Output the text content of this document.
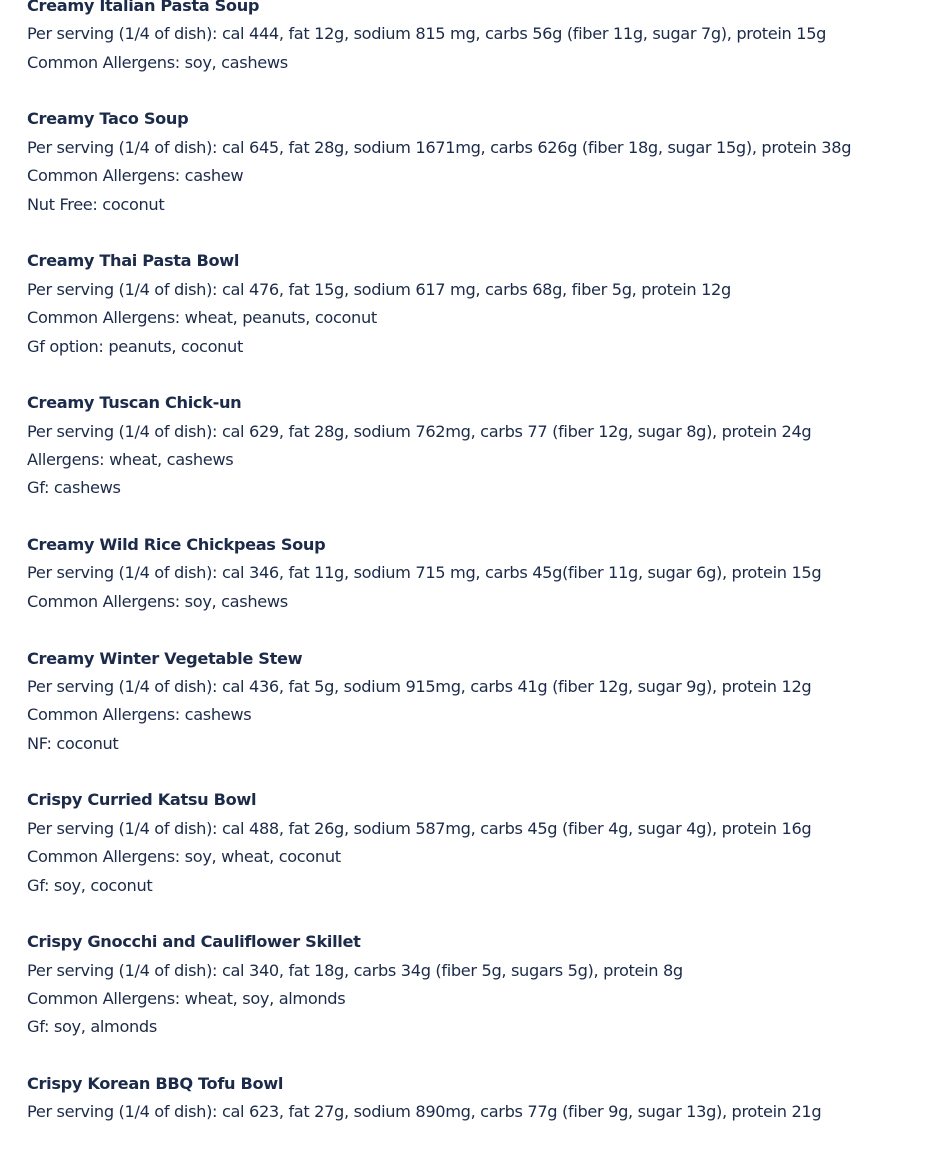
Creamy Italian Pasta Soup
Per serving (1/4 of dish): cal 444, fat 12g, sodium 815 mg, carbs 56g (fiber 11g, sugar 7g), protein 15g
Common Allergens: soy, cashews
Creamy Taco Soup
Per serving (1/4 of dish): cal 645, fat 28g, sodium 1671mg, carbs 626g (fiber 18g, sugar 15g), protein 38g
Common Allergens: cashew
Nut Free: coconut
Creamy Thai Pasta Bowl
Per serving (1/4 of dish): cal 476, fat 15g, sodium 617 mg, carbs 68g, fiber 5g, protein 12g
Common Allergens: wheat, peanuts, coconut
Gf option: peanuts, coconut
Creamy Tuscan Chick-un
Per serving (1/4 of dish): cal 629, fat 28g, sodium 762mg, carbs 77 (fiber 12g, sugar 8g), protein 24g
Allergens: wheat, cashews
Gf: cashews
Creamy Wild Rice Chickpeas Soup
Per serving (1/4 of dish): cal 346, fat 11g, sodium 715 mg, carbs 45g(fiber 11g, sugar 6g), protein 15g
Common Allergens: soy, cashews
Creamy Winter Vegetable Stew
Per serving (1/4 of dish): cal 436, fat 5g, sodium 915mg, carbs 41g (fiber 12g, sugar 9g), protein 12g
Common Allergens: cashews
NF: coconut
Crispy Curried Katsu Bowl
Per serving (1/4 of dish): cal 488, fat 26g, sodium 587mg, carbs 45g (fiber 4g, sugar 4g), protein 16g
Common Allergens: soy, wheat, coconut
Gf: soy, coconut
Crispy Gnocchi and Cauliflower Skillet
Per serving (1/4 of dish): cal 340, fat 18g, carbs 34g (fiber 5g, sugars 5g), protein 8g
Common Allergens: wheat, soy, almonds
Gf: soy, almonds
Crispy Korean BBQ Tofu Bowl
Per serving (1/4 of dish): cal 623, fat 27g, sodium 890mg, carbs 77g (fiber 9g, sugar 13g), protein 21g
